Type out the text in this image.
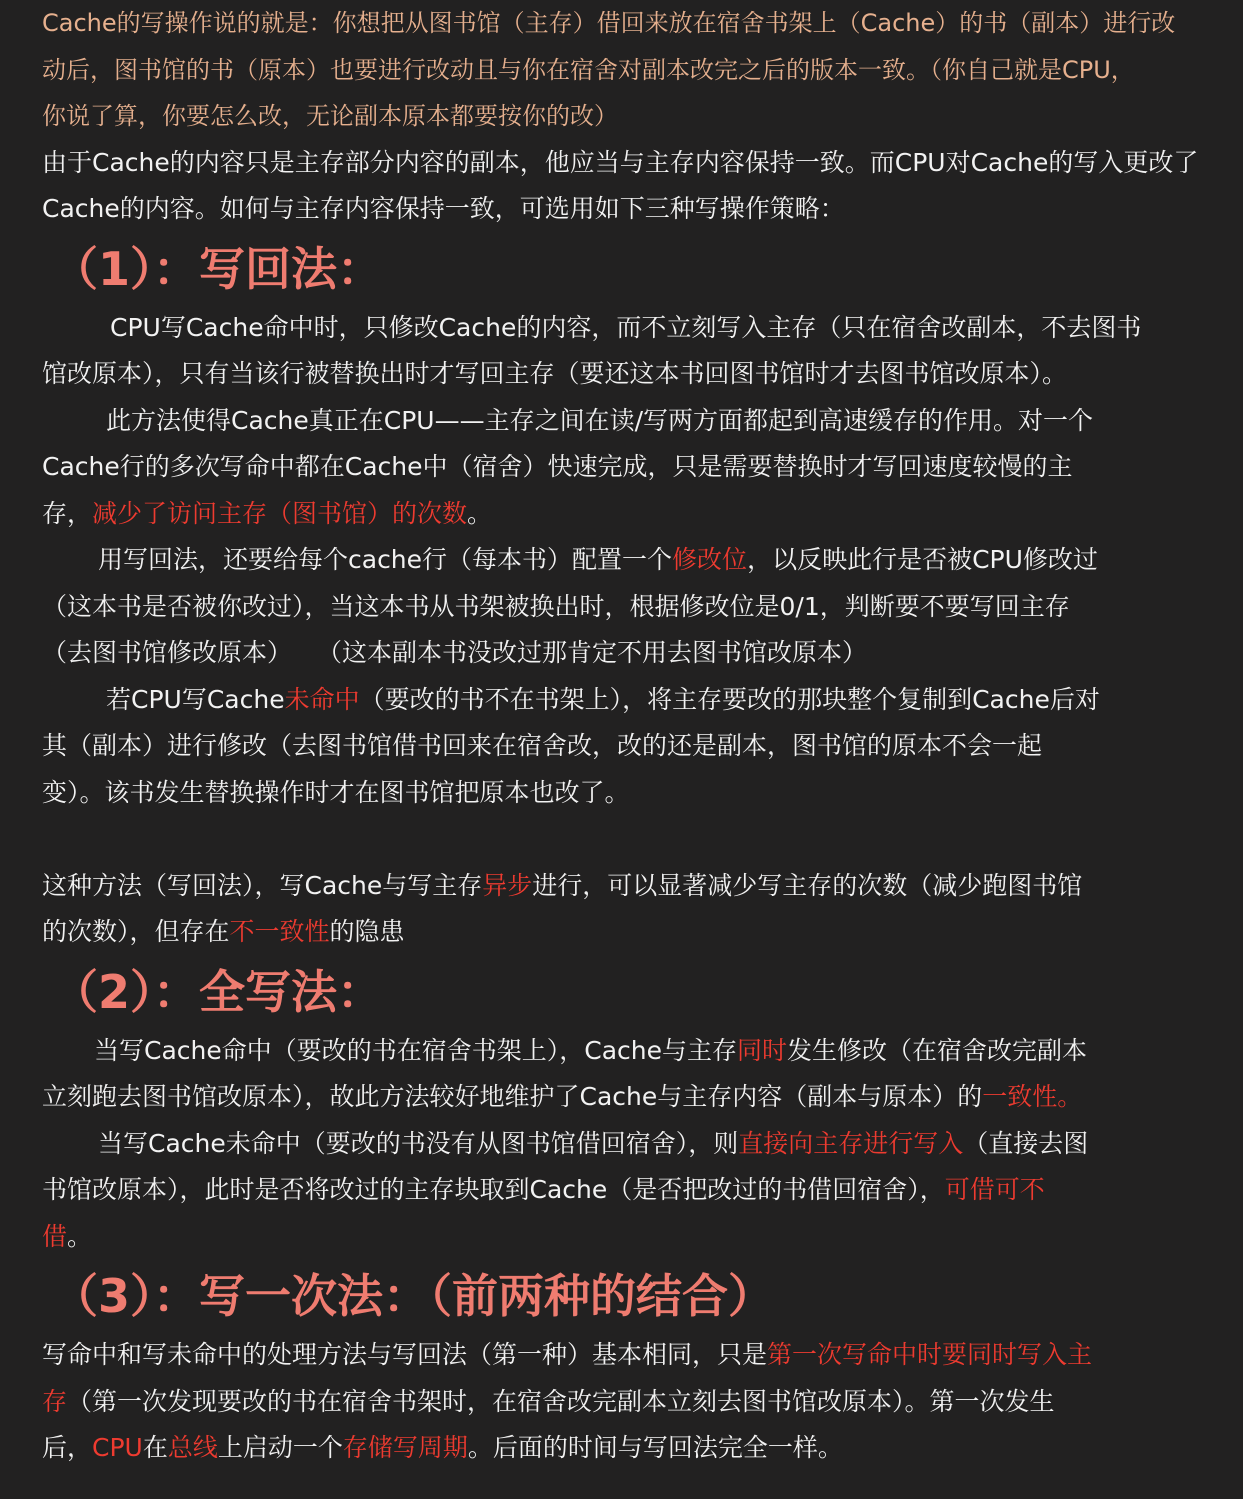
Cache的写操作说的就是：你想把从图书馆（主存）借回来放在宿舍书架上（Cache）的书（副本）进行改

动后，图书馆的书（原本）也要进行改动且与你在宿舍对副本改完之后的版本一致。（你自己就是CPU，

你说了算，你要怎么改，无论副本原本都要按你的改）

由于Cache的内容只是主存部分内容的副本，他应当与主存内容保持一致。而CPU对Cache的写入更改了

Cache的内容。如何与主存内容保持一致，可选用如下三种写操作策略：

（1）：写回法：

CPU写Cache命中时，只修改Cache的内容，而不立刻写入主存（只在宿舍改副本，不去图书

馆改原本），只有当该行被替换出时才写回主存（要还这本书回图书馆时才去图书馆改原本）。

此方法使得Cache真正在CPU——主存之间在读/写两方面都起到高速缓存的作用。对一个

Cache行的多次写命中都在Cache中（宿舍）快速完成，只是需要替换时才写回速度较慢的主

存，减少了访问主存（图书馆）的次数。

用写回法，还要给每个cache行（每本书）配置一个修改位，以反映此行是否被CPU修改过

（这本书是否被你改过），当这本书从书架被换出时，根据修改位是0/1，判断要不要写回主存

（去图书馆修改原本）　　（这本副本书没改过那肯定不用去图书馆改原本）

若CPU写Cache未命中（要改的书不在书架上），将主存要改的那块整个复制到Cache后对

其（副本）进行修改（去图书馆借书回来在宿舍改，改的还是副本，图书馆的原本不会一起

变）。该书发生替换操作时才在图书馆把原本也改了。

这种方法（写回法），写Cache与写主存异步进行，可以显著减少写主存的次数（减少跑图书馆

的次数），但存在不一致性的隐患

（2）：全写法：

当写Cache命中（要改的书在宿舍书架上），Cache与主存同时发生修改（在宿舍改完副本

立刻跑去图书馆改原本），故此方法较好地维护了Cache与主存内容（副本与原本）的一致性。

当写Cache未命中（要改的书没有从图书馆借回宿舍），则直接向主存进行写入（直接去图

书馆改原本），此时是否将改过的主存块取到Cache（是否把改过的书借回宿舍），可借可不

借。

（3）：写一次法：（前两种的结合）

写命中和写未命中的处理方法与写回法（第一种）基本相同，只是第一次写命中时要同时写入主

存（第一次发现要改的书在宿舍书架时，在宿舍改完副本立刻去图书馆改原本）。第一次发生

后，CPU在总线上启动一个存储写周期。后面的时间与写回法完全一样。
